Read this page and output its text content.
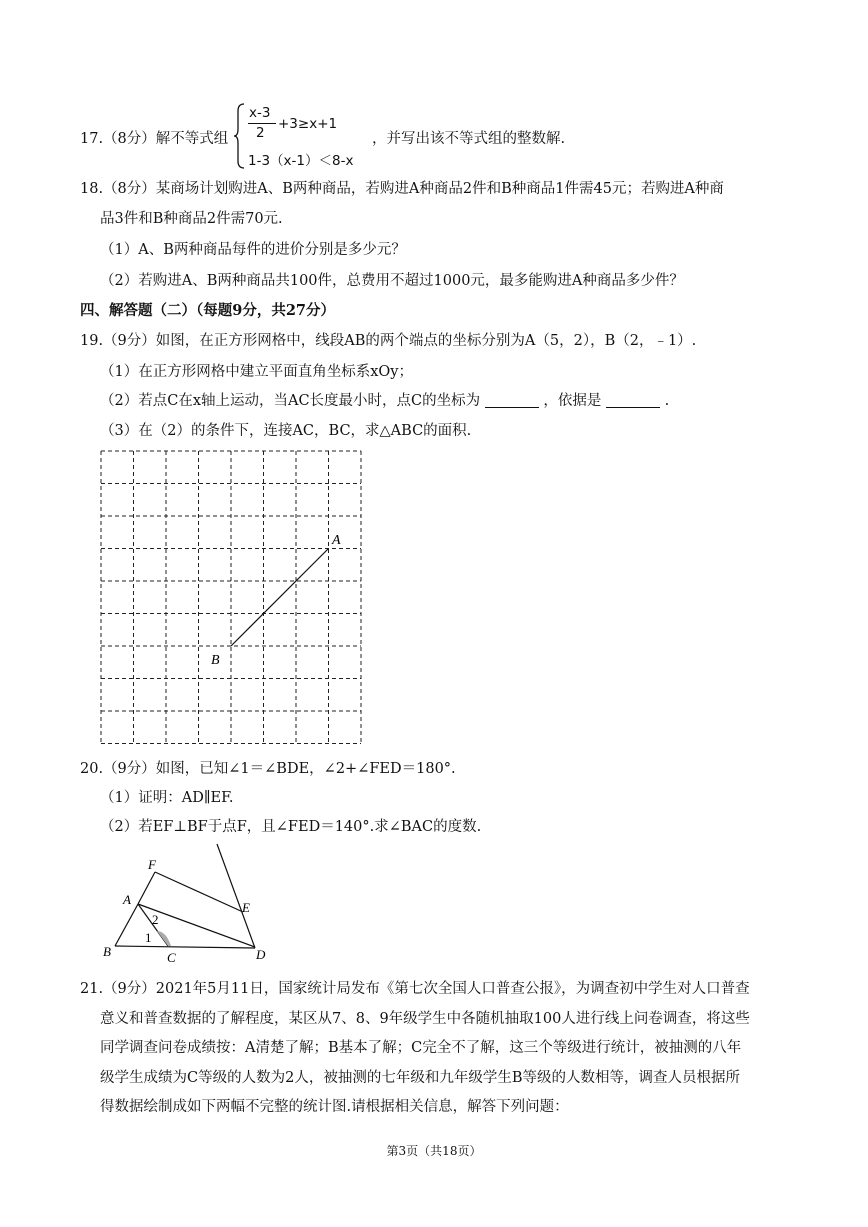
17.（8分）解不等式组
x-3
2
+3≥x+1
1-3（x-1）＜8-x
，并写出该不等式组的整数解.
18.（8分）某商场计划购进A、B两种商品，若购进A种商品2件和B种商品1件需45元；若购进A种商
品3件和B种商品2件需70元.
（1）A、B两种商品每件的进价分别是多少元？
（2）若购进A、B两种商品共100件，总费用不超过1000元，最多能购进A种商品多少件？
四、解答题（二）（每题9分，共27分）
19.（9分）如图，在正方形网格中，线段AB的两个端点的坐标分别为A（5，2），B（2，﹣1）.
（1）在正方形网格中建立平面直角坐标系xOy；
（2）若点C在x轴上运动，当AC长度最小时，点C的坐标为	，依据是	.
（3）在（2）的条件下，连接AC，BC，求△ABC的面积.
A
B
20.（9分）如图，已知∠1＝∠BDE，∠2+∠FED＝180°.
（1）证明：AD∥EF.
（2）若EF⊥BF于点F，且∠FED＝140°.求∠BAC的度数.
F
A
E
2
1
B	C	D
21.（9分）2021年5月11日，国家统计局发布《第七次全国人口普查公报》，为调查初中学生对人口普查
意义和普查数据的了解程度，某区从7、8、9年级学生中各随机抽取100人进行线上问卷调查，将这些
同学调查问卷成绩按：A清楚了解；B基本了解；C完全不了解，这三个等级进行统计，被抽测的八年
级学生成绩为C等级的人数为2人，被抽测的七年级和九年级学生B等级的人数相等，调查人员根据所
得数据绘制成如下两幅不完整的统计图.请根据相关信息，解答下列问题：
第3页（共18页）
